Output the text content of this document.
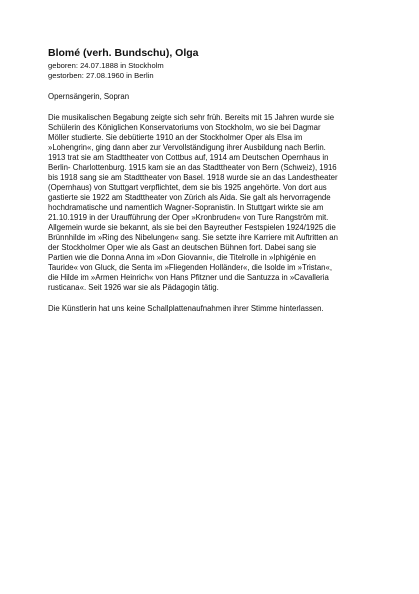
Blomé (verh. Bundschu), Olga
geboren: 24.07.1888 in Stockholm
gestorben: 27.08.1960 in Berlin

Opernsängerin, Sopran

Die musikalischen Begabung zeigte sich sehr früh. Bereits mit 15 Jahren wurde sie
Schülerin des Königlichen Konservatoriums von Stockholm, wo sie bei Dagmar
Möller studierte. Sie debütierte 1910 an der Stockholmer Oper als Elsa im
»Lohengrin«, ging dann aber zur Vervollständigung ihrer Ausbildung nach Berlin.
1913 trat sie am Stadttheater von Cottbus auf, 1914 am Deutschen Opernhaus in
Berlin- Charlottenburg. 1915 kam sie an das Stadttheater von Bern (Schweiz), 1916
bis 1918 sang sie am Stadttheater von Basel. 1918 wurde sie an das Landestheater
(Opernhaus) von Stuttgart verpflichtet, dem sie bis 1925 angehörte. Von dort aus
gastierte sie 1922 am Stadttheater von Zürich als Aida. Sie galt als hervorragende
hochdramatische und namentlich Wagner-Sopranistin. In Stuttgart wirkte sie am
21.10.1919 in der Uraufführung der Oper »Kronbruden« von Ture Rangström mit.
Allgemein wurde sie bekannt, als sie bei den Bayreuther Festspielen 1924/1925 die
Brünnhilde im »Ring des Nibelungen« sang. Sie setzte ihre Karriere mit Auftritten an
der Stockholmer Oper wie als Gast an deutschen Bühnen fort. Dabei sang sie
Partien wie die Donna Anna im »Don Giovanni«, die Titelrolle in »Iphigénie en
Tauride« von Gluck, die Senta im »Fliegenden Holländer«, die Isolde im »Tristan«,
die Hilde im »Armen Heinrich« von Hans Pfitzner und die Santuzza in »Cavalleria
rusticana«. Seit 1926 war sie als Pädagogin tätig.

Die Künstlerin hat uns keine Schallplattenaufnahmen ihrer Stimme hinterlassen.
